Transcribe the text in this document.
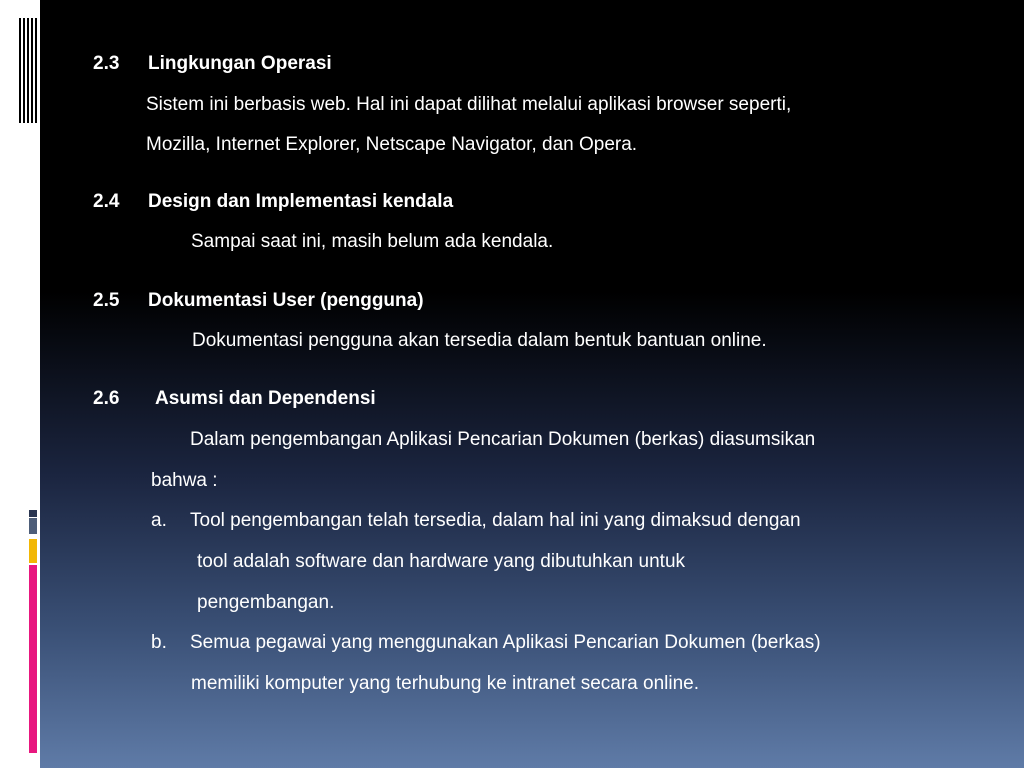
2.3 Lingkungan Operasi
Sistem ini berbasis web. Hal ini dapat dilihat melalui aplikasi browser seperti,
Mozilla, Internet Explorer, Netscape Navigator, dan Opera.
2.4 Design dan Implementasi kendala
Sampai saat ini, masih belum ada kendala.
2.5 Dokumentasi User (pengguna)
Dokumentasi pengguna akan tersedia dalam bentuk bantuan online.
2.6 Asumsi dan Dependensi
Dalam pengembangan Aplikasi Pencarian Dokumen (berkas) diasumsikan
bahwa :
a. Tool pengembangan telah tersedia, dalam hal ini yang dimaksud dengan
tool adalah software dan hardware yang dibutuhkan untuk
pengembangan.
b. Semua pegawai yang menggunakan Aplikasi Pencarian Dokumen (berkas)
memiliki komputer yang terhubung ke intranet secara online.
